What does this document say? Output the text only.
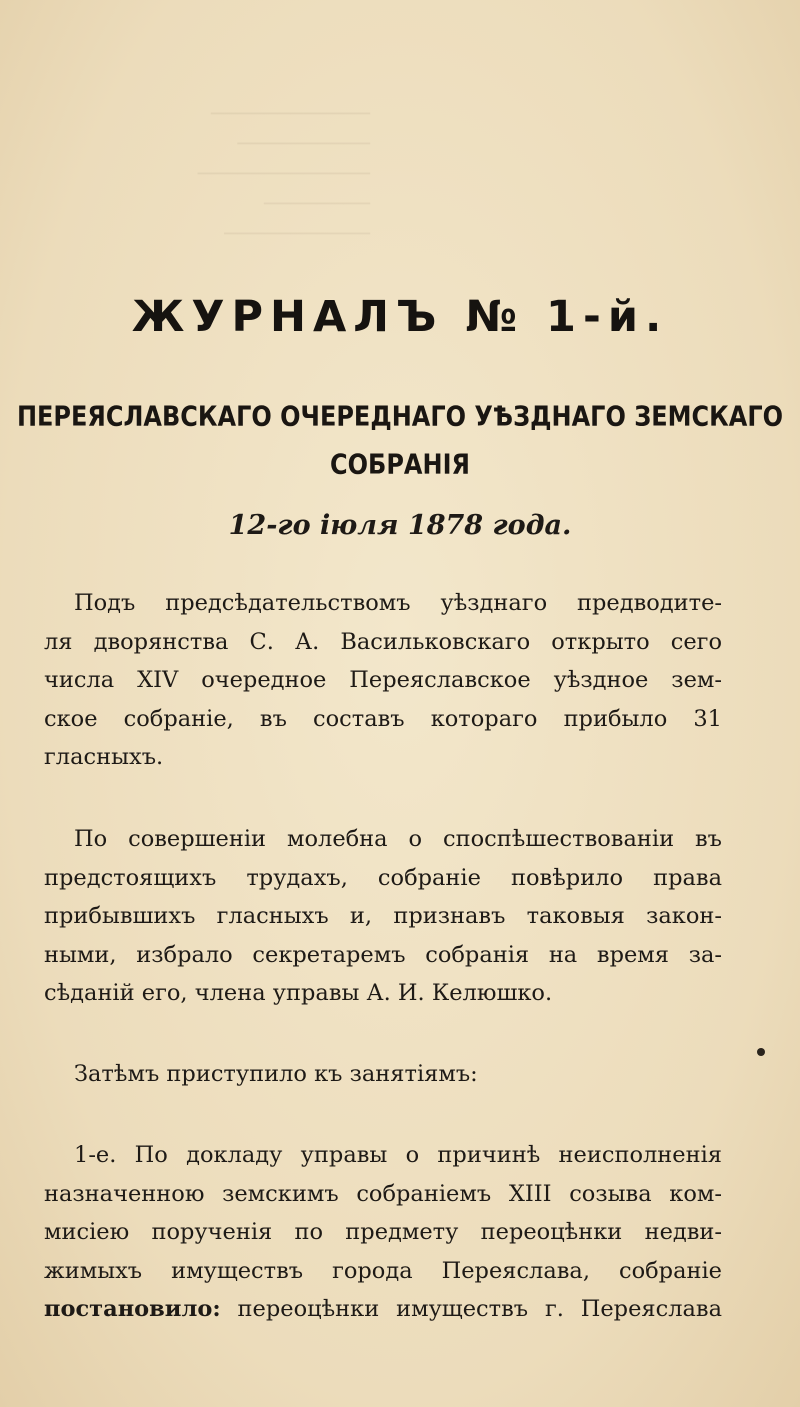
────────────
──────────
─────────────
────────
───────────
ЖУРНАЛЪ № 1-й.
ПЕРЕЯСЛАВСКАГО ОЧЕРЕДНАГО УѢЗДНАГО ЗЕМСКАГО
СОБРАНІЯ
12-го іюля 1878 года.
Подъ предсѣдательствомъ уѣзднаго предводите-
ля дворянства С. А. Васильковскаго открыто сего
числа XIV очередное Переяславское уѣздное зем-
ское собраніе, въ составъ котораго прибыло 31
гласныхъ.
По совершеніи молебна о споспѣшествованіи въ
предстоящихъ трудахъ, собраніе повѣрило права
прибывшихъ гласныхъ и, признавъ таковыя закон-
ными, избрало секретаремъ собранія на время за-
сѣданій его, члена управы А. И. Келюшко.
Затѣмъ приступило къ занятіямъ:
1-е. По докладу управы о причинѣ неисполненія
назначенною земскимъ собраніемъ XIII созыва ком-
мисіею порученія по предмету переоцѣнки недви-
жимыхъ имуществъ города Переяслава, собраніе
постановило: переоцѣнки имуществъ г. Переяслава
